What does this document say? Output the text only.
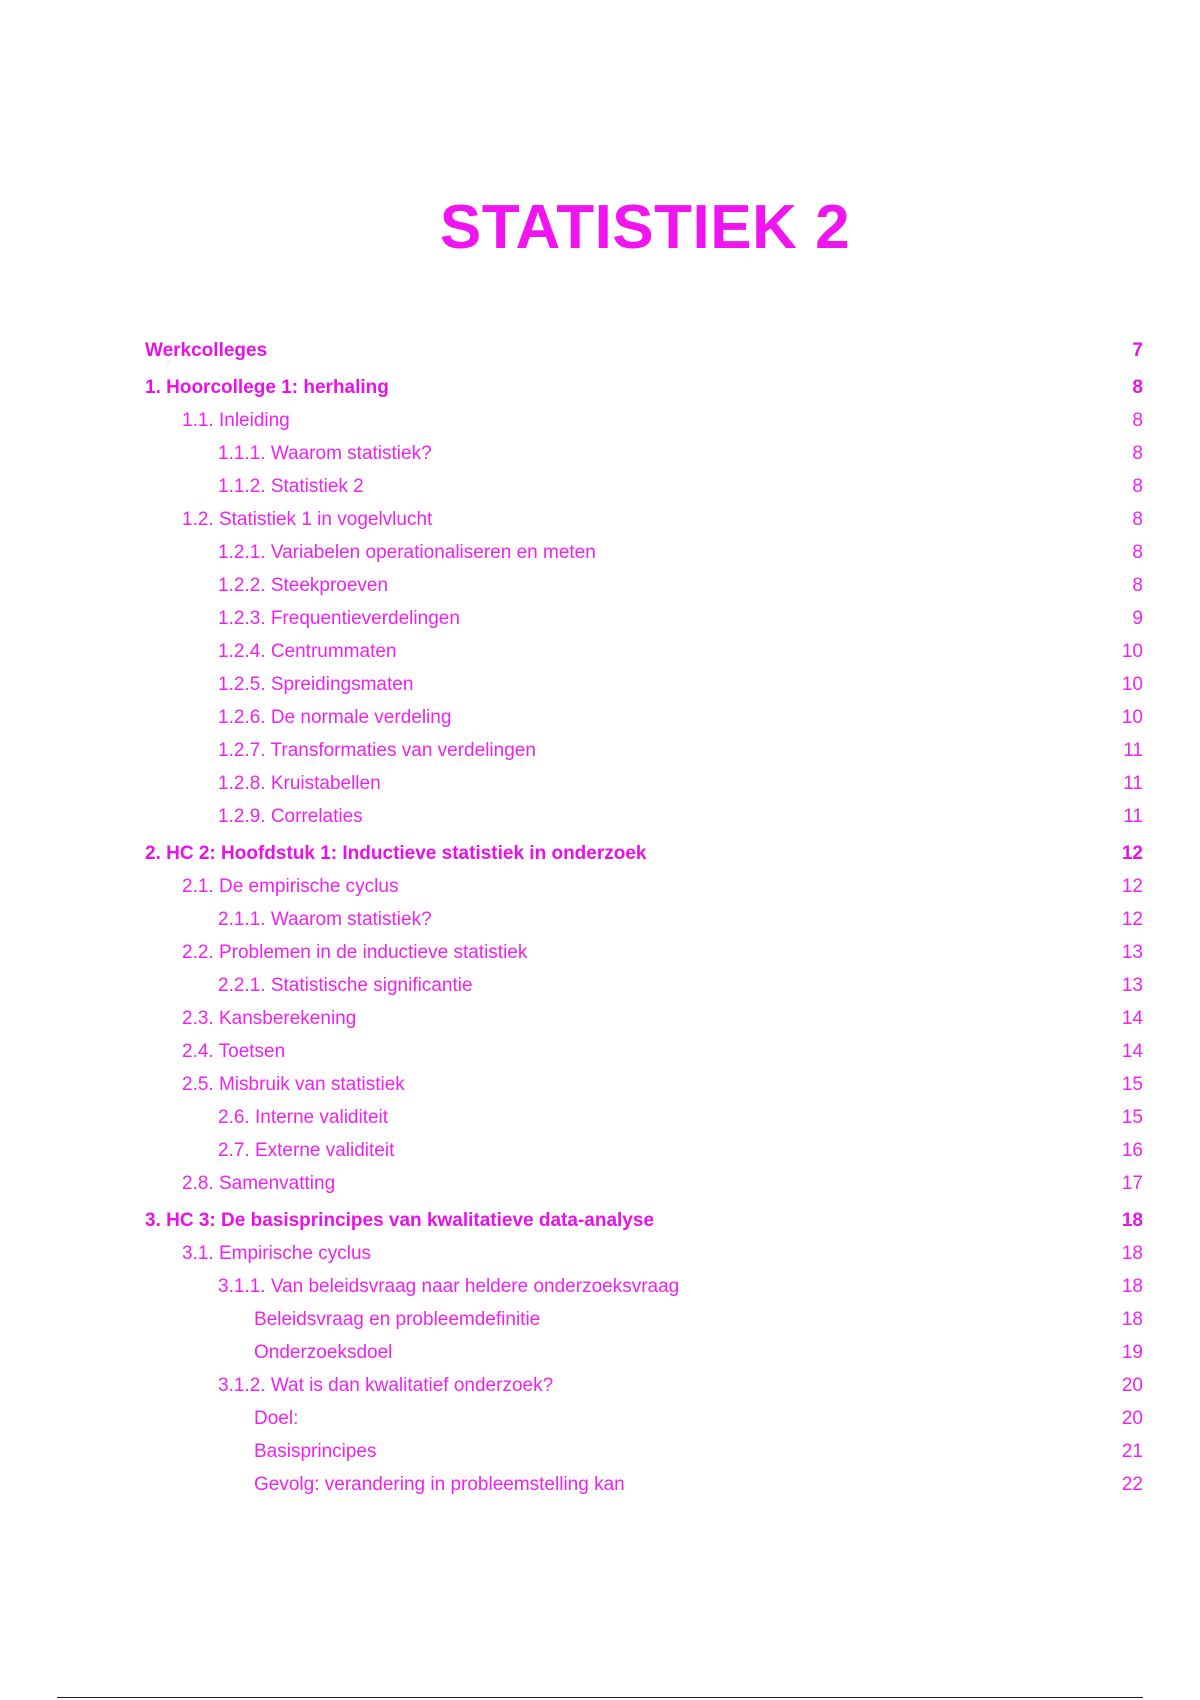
STATISTIEK 2
Werkcolleges	7
1. Hoorcollege 1: herhaling	8
1.1. Inleiding	8
1.1.1. Waarom statistiek?	8
1.1.2. Statistiek 2	8
1.2. Statistiek 1 in vogelvlucht	8
1.2.1. Variabelen operationaliseren en meten	8
1.2.2. Steekproeven	8
1.2.3. Frequentieverdelingen	9
1.2.4. Centrummaten	10
1.2.5. Spreidingsmaten	10
1.2.6. De normale verdeling	10
1.2.7. Transformaties van verdelingen	11
1.2.8. Kruistabellen	11
1.2.9. Correlaties	11
2. HC 2: Hoofdstuk 1: Inductieve statistiek in onderzoek	12
2.1. De empirische cyclus	12
2.1.1. Waarom statistiek?	12
2.2. Problemen in de inductieve statistiek	13
2.2.1. Statistische significantie	13
2.3. Kansberekening	14
2.4. Toetsen	14
2.5. Misbruik van statistiek	15
2.6. Interne validiteit	15
2.7. Externe validiteit	16
2.8. Samenvatting	17
3. HC 3: De basisprincipes van kwalitatieve data-analyse	18
3.1. Empirische cyclus	18
3.1.1. Van beleidsvraag naar heldere onderzoeksvraag	18
Beleidsvraag en probleemdefinitie	18
Onderzoeksdoel	19
3.1.2. Wat is dan kwalitatief onderzoek?	20
Doel:	20
Basisprincipes	21
Gevolg: verandering in probleemstelling kan	22
